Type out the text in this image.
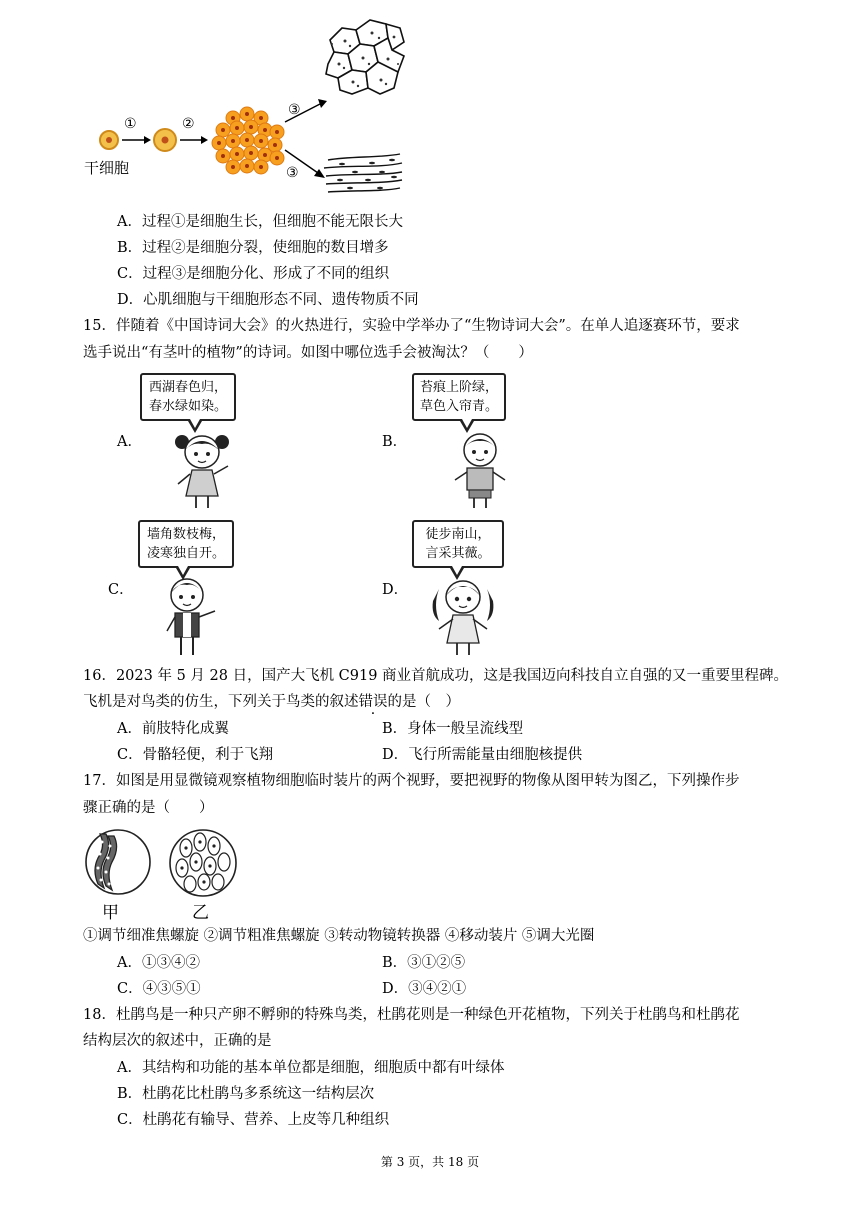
干细胞
①	②
③
③
A．过程①是细胞生长，但细胞不能无限长大
B．过程②是细胞分裂，使细胞的数目增多
C．过程③是细胞分化、形成了不同的组织
D．心肌细胞与干细胞形态不同、遗传物质不同
15．伴随着《中国诗词大会》的火热进行，实验中学举办了“生物诗词大会”。在单人追逐赛环节，要求
选手说出“有茎叶的植物”的诗词。如图中哪位选手会被淘汰？（　　）
A．	B．
C．	D．
西湖春色归，
春水绿如染。
苔痕上阶绿，
草色入帘青。
墙角数枝梅，
凌寒独自开。
徒步南山，
言采其薇。
16．2023 年 5 月 28 日，国产大飞机 C919 商业首航成功，这是我国迈向科技自立自强的又一重要里程碑。
飞机是对鸟类的仿生，下列关于鸟类的叙述错误的是（　）
A．前肢特化成翼	B．身体一般呈流线型
C．骨骼轻便，利于飞翔	D．飞行所需能量由细胞核提供
17．如图是用显微镜观察植物细胞临时装片的两个视野，要把视野的物像从图甲转为图乙，下列操作步
骤正确的是（　　）
甲	乙
①调节细准焦螺旋 ②调节粗准焦螺旋 ③转动物镜转换器 ④移动装片 ⑤调大光圈
A．①③④②	B．③①②⑤
C．④③⑤①	D．③④②①
18．杜鹃鸟是一种只产卵不孵卵的特殊鸟类，杜鹃花则是一种绿色开花植物，下列关于杜鹃鸟和杜鹃花
结构层次的叙述中，正确的是
A．其结构和功能的基本单位都是细胞，细胞质中都有叶绿体
B．杜鹃花比杜鹃鸟多系统这一结构层次
C．杜鹃花有输导、营养、上皮等几种组织
第 3 页，共 18 页
